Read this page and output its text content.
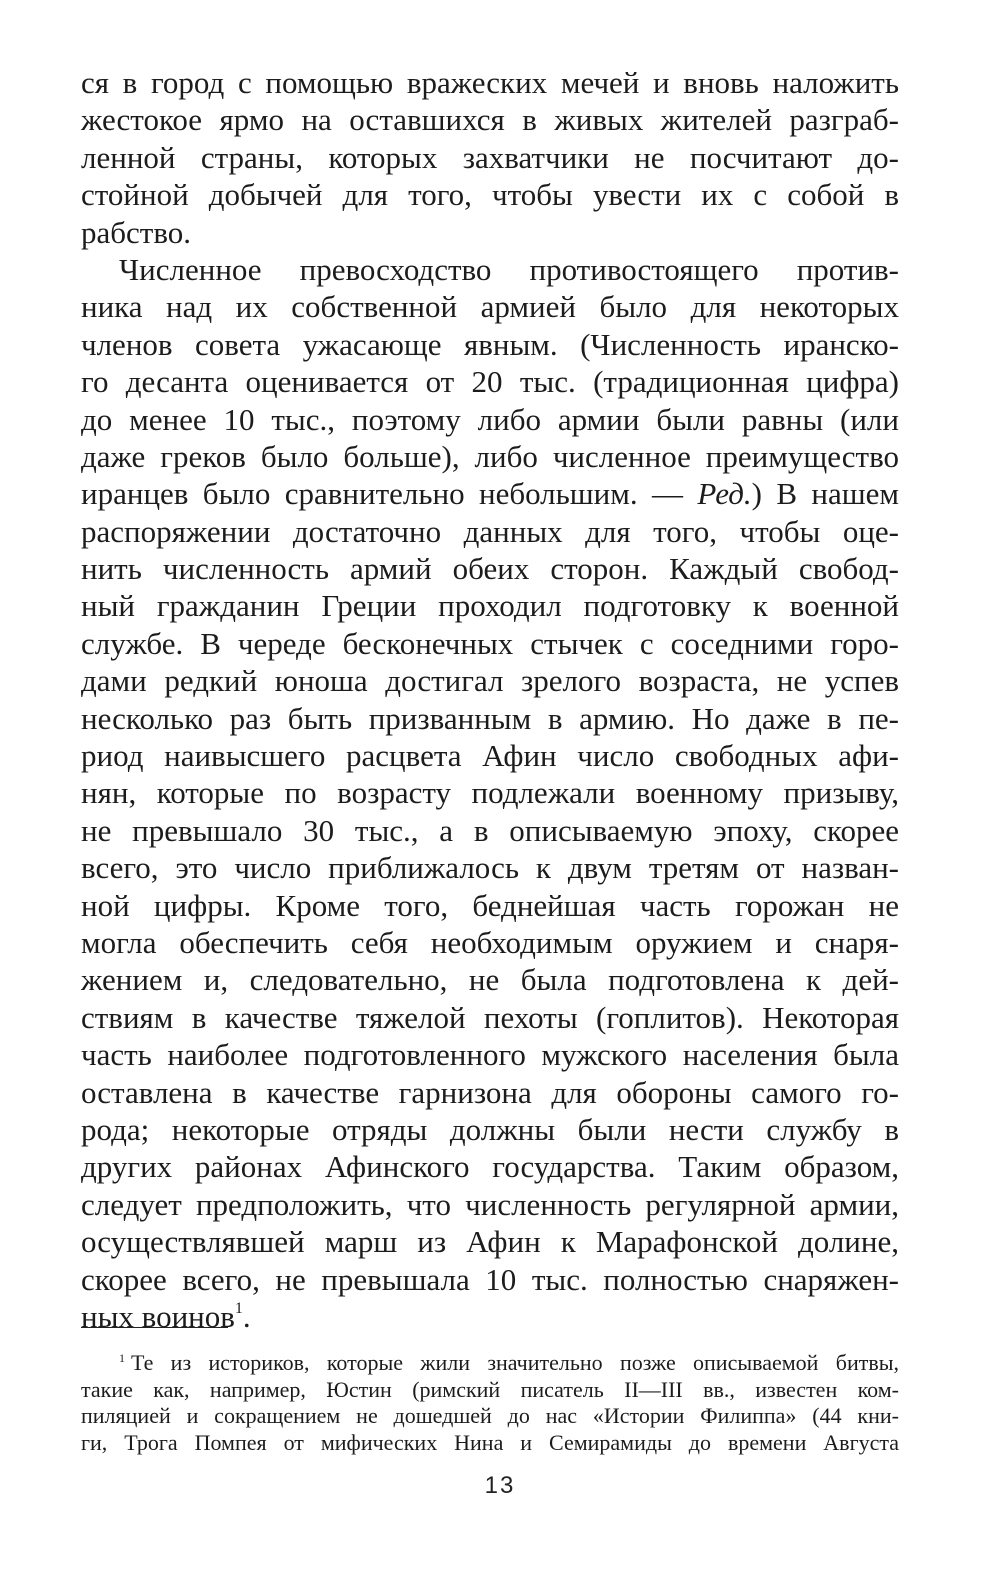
ся в город с помощью вражеских мечей и вновь наложить
жестокое ярмо на оставшихся в живых жителей разграб-
ленной страны, которых захватчики не посчитают до-
стойной добычей для того, чтобы увести их с собой в
рабство.
Численное превосходство противостоящего против-
ника над их собственной армией было для некоторых
членов совета ужасающе явным. (Численность иранско-
го десанта оценивается от 20 тыс. (традиционная цифра)
до менее 10 тыс., поэтому либо армии были равны (или
даже греков было больше), либо численное преимущество
иранцев было сравнительно небольшим. — Ред.) В нашем
распоряжении достаточно данных для того, чтобы оце-
нить численность армий обеих сторон. Каждый свобод-
ный гражданин Греции проходил подготовку к военной
службе. В череде бесконечных стычек с соседними горо-
дами редкий юноша достигал зрелого возраста, не успев
несколько раз быть призванным в армию. Но даже в пе-
риод наивысшего расцвета Афин число свободных афи-
нян, которые по возрасту подлежали военному призыву,
не превышало 30 тыс., а в описываемую эпоху, скорее
всего, это число приближалось к двум третям от назван-
ной цифры. Кроме того, беднейшая часть горожан не
могла обеспечить себя необходимым оружием и снаря-
жением и, следовательно, не была подготовлена к дей-
ствиям в качестве тяжелой пехоты (гоплитов). Некоторая
часть наиболее подготовленного мужского населения была
оставлена в качестве гарнизона для обороны самого го-
рода; некоторые отряды должны были нести службу в
других районах Афинского государства. Таким образом,
следует предположить, что численность регулярной армии,
осуществлявшей марш из Афин к Марафонской долине,
скорее всего, не превышала 10 тыс. полностью снаряжен-
ных воинов$^1$.
$^1$ Те из историков, которые жили значительно позже описываемой битвы,
такие как, например, Юстин (римский писатель II—III вв., известен ком-
пиляцией и сокращением не дошедшей до нас «Истории Филиппа» (44 кни-
ги, Трога Помпея от мифических Нина и Семирамиды до времени Августа
13
